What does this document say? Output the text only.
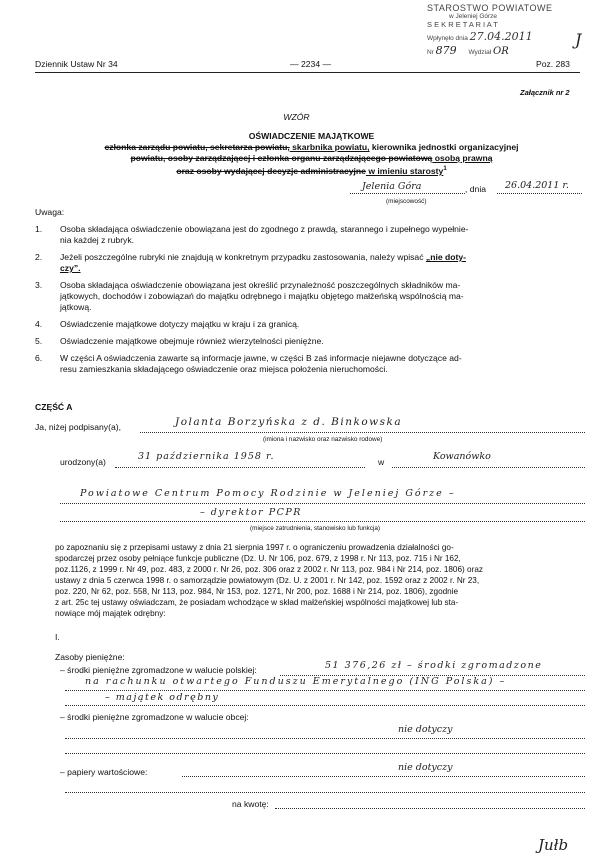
STAROSTWO POWIATOWE
w Jeleniej Górze
S E K R E T A R I A T
Wpłynęło dnia 27.04.2011
Nr 879 Wydział OR
J
Dziennik Ustaw Nr 34	— 2234 —	Poz. 283
Załącznik nr 2
WZÓR
OŚWIADCZENIE MAJĄTKOWE
członka zarządu powiatu, sekretarza powiatu, skarbnika powiatu, kierownika jednostki organizacyjnej
powiatu, osoby zarządzającej i członka organu zarządzającego powiatową osobą prawną
oraz osoby wydającej decyzje administracyjne w imieniu starosty$^1$
Jelenia Góra
(miejscowość)
, dnia 26.04.2011 r.
Uwaga:
1. Osoba składająca oświadczenie obowiązana jest do zgodnego z prawdą, starannego i zupełnego wypełnie-
nia każdej z rubryk.
2. Jeżeli poszczególne rubryki nie znajdują w konkretnym przypadku zastosowania, należy wpisać „nie doty-
czy”.
3. Osoba składająca oświadczenie obowiązana jest określić przynależność poszczególnych składników ma-
jątkowych, dochodów i zobowiązań do majątku odrębnego i majątku objętego małżeńską wspólnością ma-
jątkową.
4. Oświadczenie majątkowe dotyczy majątku w kraju i za granicą.
5. Oświadczenie majątkowe obejmuje również wierzytelności pieniężne.
6. W części A oświadczenia zawarte są informacje jawne, w części B zaś informacje niejawne dotyczące ad-
resu zamieszkania składającego oświadczenie oraz miejsca położenia nieruchomości.
CZĘŚĆ A
Ja, niżej podpisany(a),	Jolanta Borzyńska z d. Binkowska
(imiona i nazwisko oraz nazwisko rodowe)
urodzony(a)	31 października 1958 r.	w	Kowanówko
Powiatowe Centrum Pomocy Rodzinie w Jeleniej Górze –
– dyrektor PCPR
(miejsce zatrudnienia, stanowisko lub funkcja)
po zapoznaniu się z przepisami ustawy z dnia 21 sierpnia 1997 r. o ograniczeniu prowadzenia działalności go-
spodarczej przez osoby pełniące funkcje publiczne (Dz. U. Nr 106, poz. 679, z 1998 r. Nr 113, poz. 715 i Nr 162,
poz.1126, z 1999 r. Nr 49, poz. 483, z 2000 r. Nr 26, poz. 306 oraz z 2002 r. Nr 113, poz. 984 i Nr 214, poz. 1806) oraz
ustawy z dnia 5 czerwca 1998 r. o samorządzie powiatowym (Dz. U. z 2001 r. Nr 142, poz. 1592 oraz z 2002 r. Nr 23,
poz. 220, Nr 62, poz. 558, Nr 113, poz. 984, Nr 153, poz. 1271, Nr 200, poz. 1688 i Nr 214, poz. 1806), zgodnie
z art. 25c tej ustawy oświadczam, że posiadam wchodzące w skład małżeńskiej wspólności majątkowej lub sta-
nowiące mój majątek odrębny:
I.
Zasoby pieniężne:
– środki pieniężne zgromadzone w walucie polskiej:	51 376,26 zł – środki zgromadzone
na rachunku otwartego Funduszu Emerytalnego (ING Polska) –
– majątek odrębny
– środki pieniężne zgromadzone w walucie obcej:
nie dotyczy
– papiery wartościowe:	nie dotyczy
na kwotę:
Jułb
